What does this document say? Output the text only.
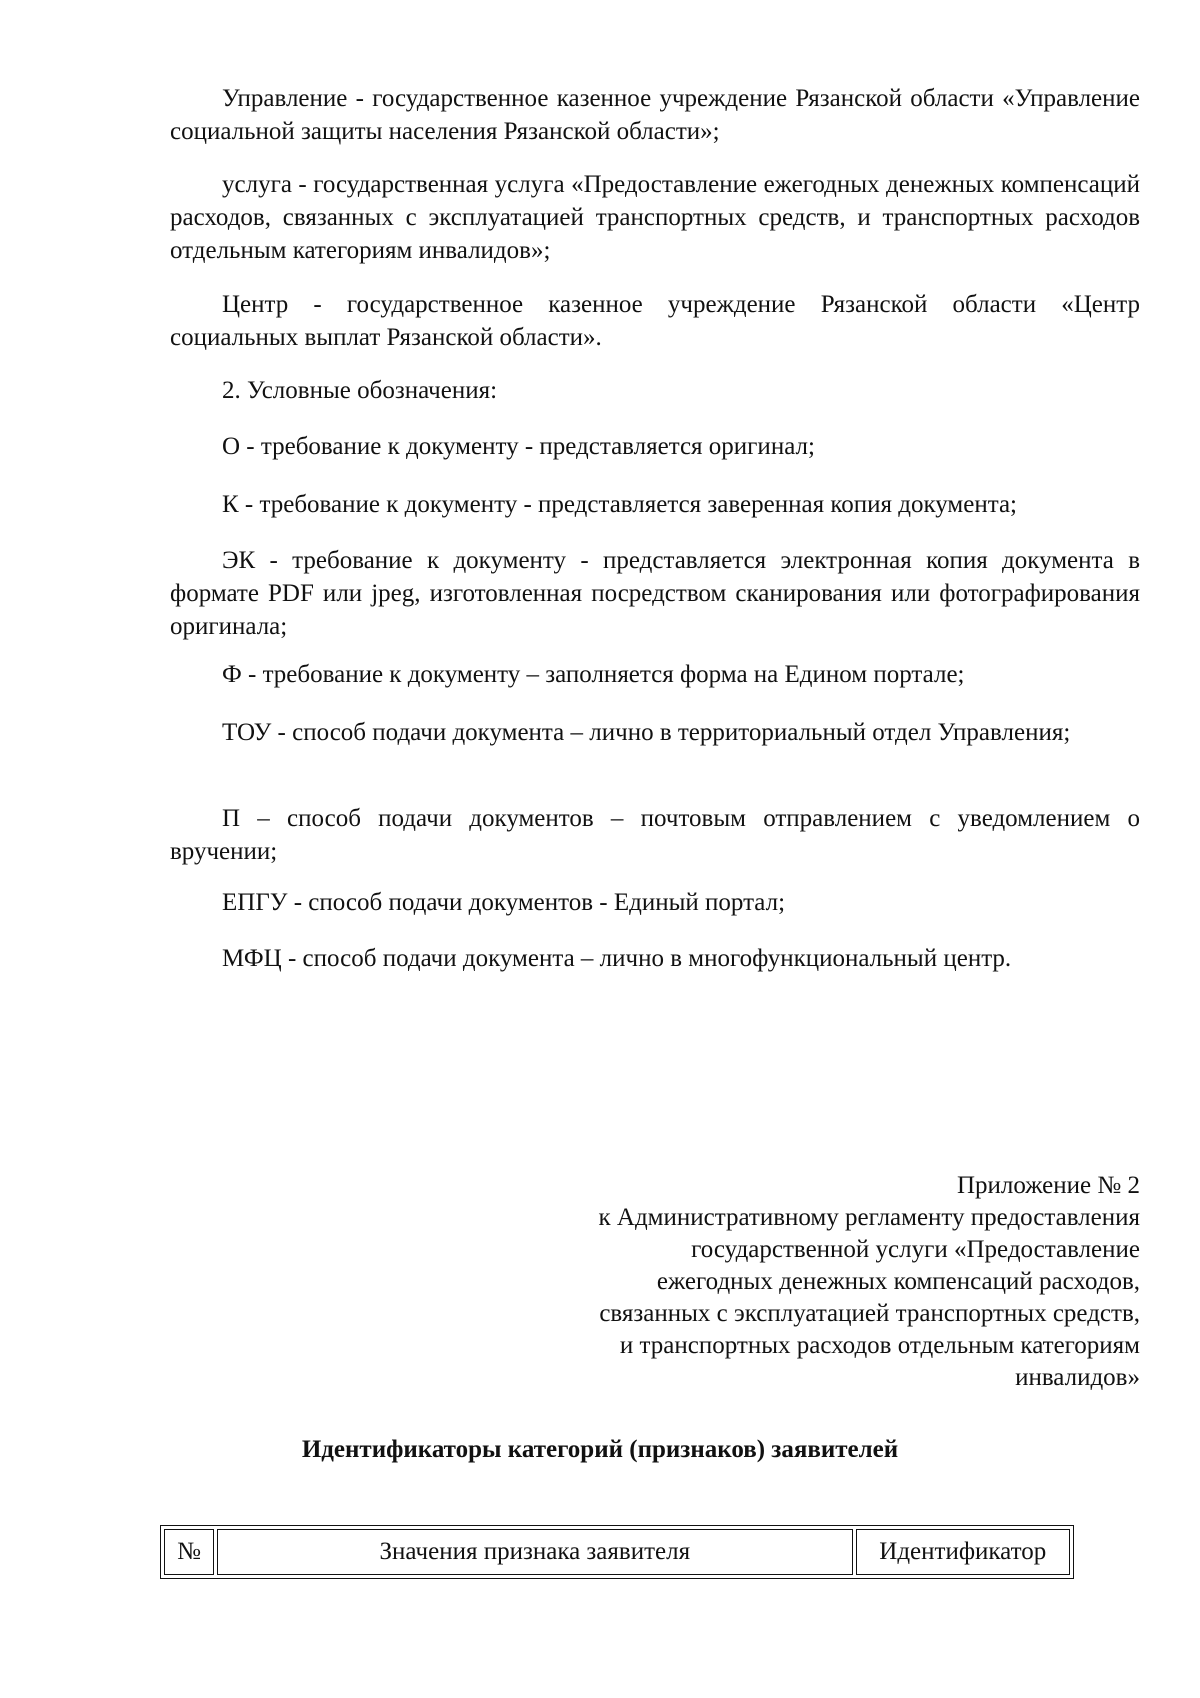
Управление - государственное казенное учреждение Рязанской области «Управление социальной защиты населения Рязанской области»;

услуга - государственная услуга «Предоставление ежегодных денежных компенсаций расходов, связанных с эксплуатацией транспортных средств, и транспортных расходов отдельным категориям инвалидов»;

Центр - государственное казенное учреждение Рязанской области «Центр социальных выплат Рязанской области».

2. Условные обозначения:

О - требование к документу - представляется оригинал;

К - требование к документу - представляется заверенная копия документа;

ЭК - требование к документу - представляется электронная копия документа в формате PDF или jpeg, изготовленная посредством сканирования или фотографирования оригинала;

Ф - требование к документу – заполняется форма на Едином портале;

ТОУ - способ подачи документа – лично в территориальный отдел Управления;

П – способ подачи документов – почтовым отправлением с уведомлением о вручении;

ЕПГУ - способ подачи документов - Единый портал;

МФЦ - способ подачи документа – лично в многофункциональный центр.

Приложение № 2
к Административному регламенту предоставления
государственной услуги «Предоставление
ежегодных денежных компенсаций расходов,
связанных с эксплуатацией транспортных средств,
и транспортных расходов отдельным категориям
инвалидов»

Идентификаторы категорий (признаков) заявителей

№	Значения признака заявителя	Идентификатор
